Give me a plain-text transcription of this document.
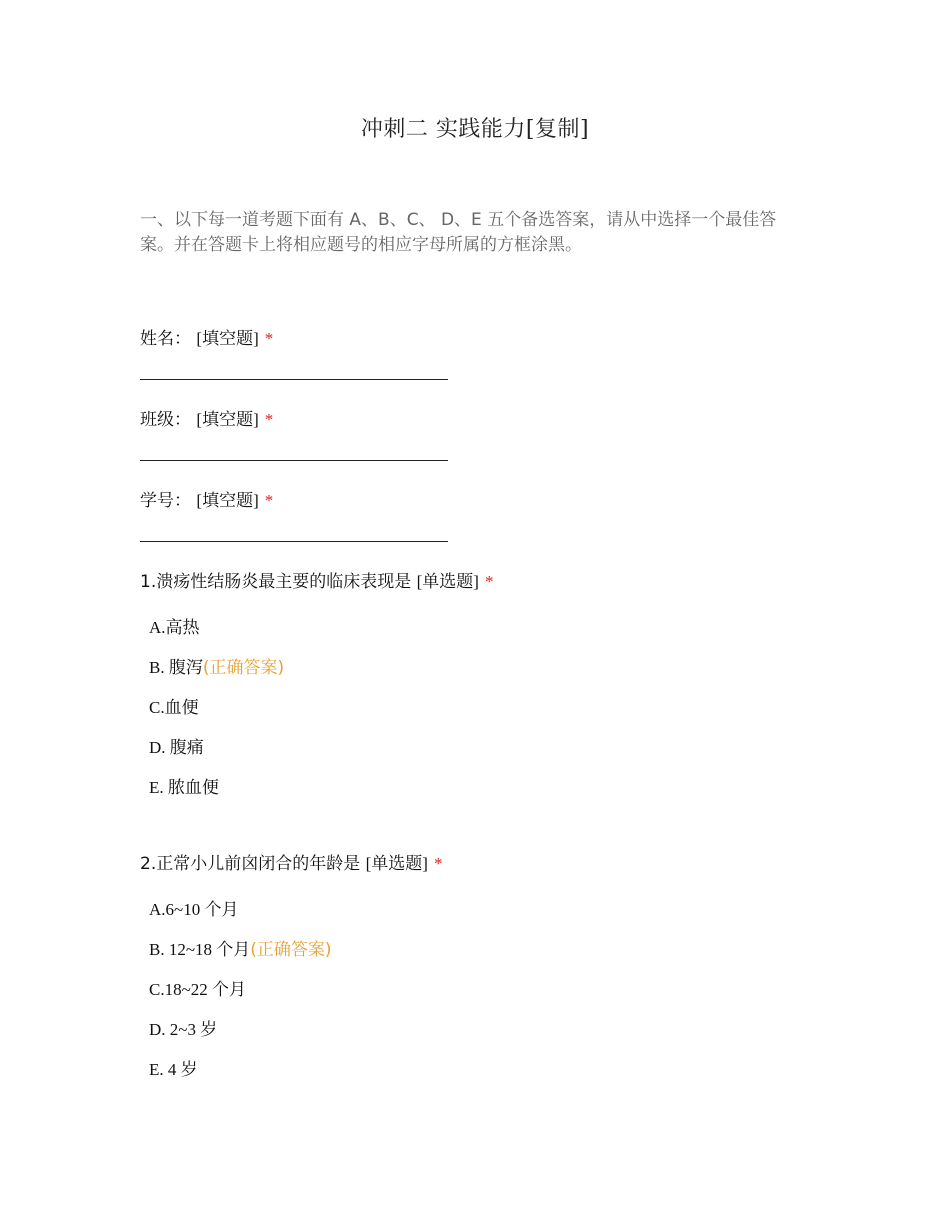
冲刺二 实践能力[复制]
一、以下每一道考题下面有 A、B、C、 D、E 五个备选答案，请从中选择一个最佳答案。并在答题卡上将相应题号的相应字母所属的方框涂黑。
姓名： [填空题] *
班级： [填空题] *
学号： [填空题] *
1.溃疡性结肠炎最主要的临床表现是 [单选题] *
A.高热
B. 腹泻(正确答案)
C.血便
D. 腹痛
E. 脓血便
2.正常小儿前囟闭合的年龄是 [单选题] *
A.6~10 个月
B. 12~18 个月(正确答案)
C.18~22 个月
D. 2~3 岁
E. 4 岁
